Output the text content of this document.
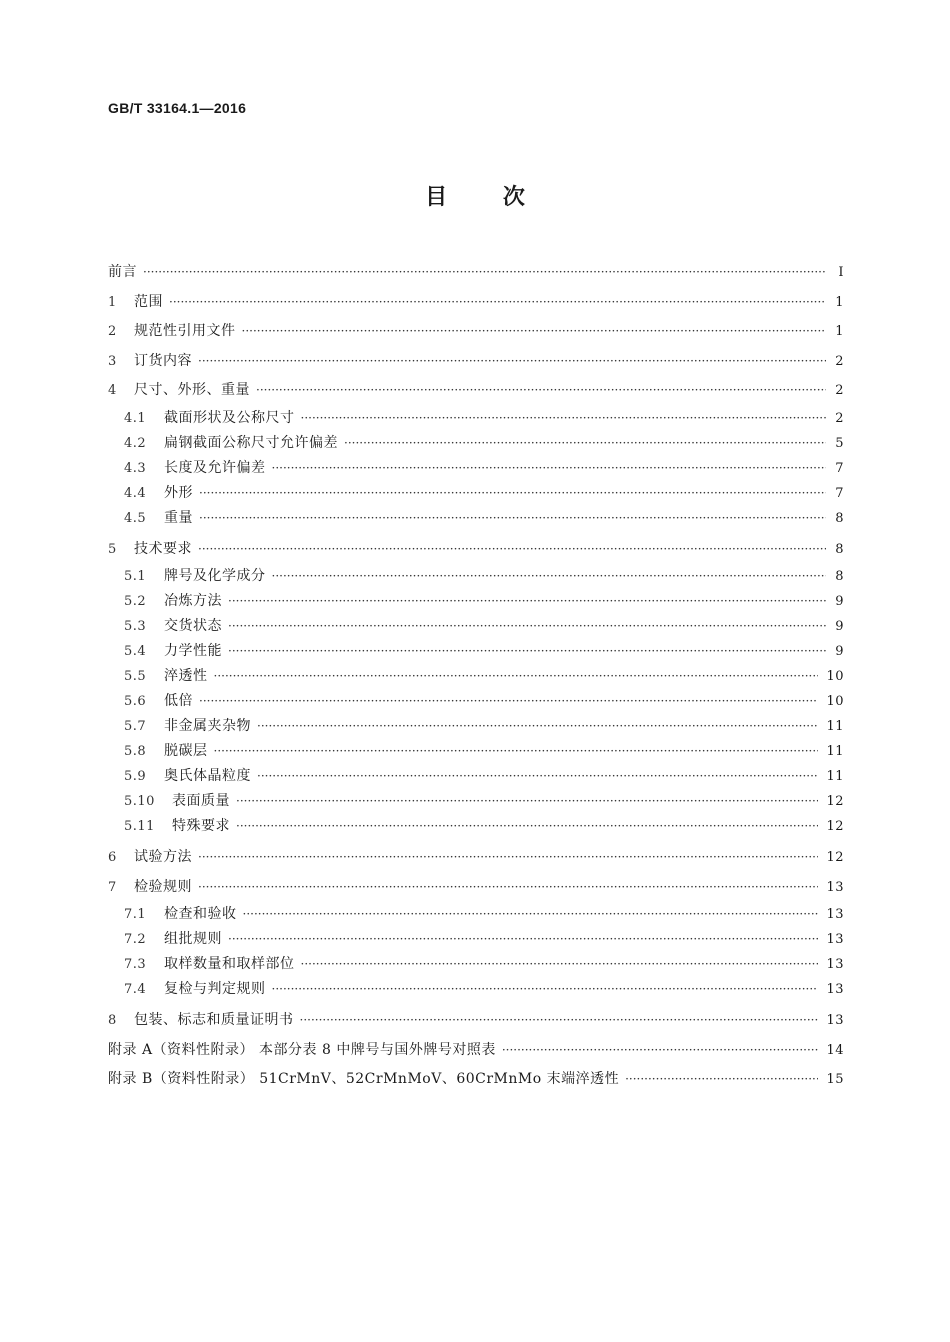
GB/T 33164.1—2016
目 次
前言 ·····	Ⅰ
1	范围 ·····	1
2	规范性引用文件 ·····	1
3	订货内容 ·····	2
4	尺寸、外形、重量 ·····	2
4.1	截面形状及公称尺寸 ·····	2
4.2	扁钢截面公称尺寸允许偏差 ·····	5
4.3	长度及允许偏差 ·····	7
4.4	外形 ·····	7
4.5	重量 ·····	8
5	技术要求 ·····	8
5.1	牌号及化学成分 ·····	8
5.2	冶炼方法 ·····	9
5.3	交货状态 ·····	9
5.4	力学性能 ·····	9
5.5	淬透性 ·····	10
5.6	低倍 ·····	10
5.7	非金属夹杂物 ·····	11
5.8	脱碳层 ·····	11
5.9	奥氏体晶粒度 ·····	11
5.10	表面质量 ·····	12
5.11	特殊要求 ·····	12
6	试验方法 ·····	12
7	检验规则 ·····	13
7.1	检查和验收 ·····	13
7.2	组批规则 ·····	13
7.3	取样数量和取样部位 ·····	13
7.4	复检与判定规则 ·····	13
8	包装、标志和质量证明书 ·····	13
附录 A（资料性附录） 本部分表 8 中牌号与国外牌号对照表 ·····	14
附录 B（资料性附录） 51CrMnV、52CrMnMoV、60CrMnMo 末端淬透性 ·····	15
